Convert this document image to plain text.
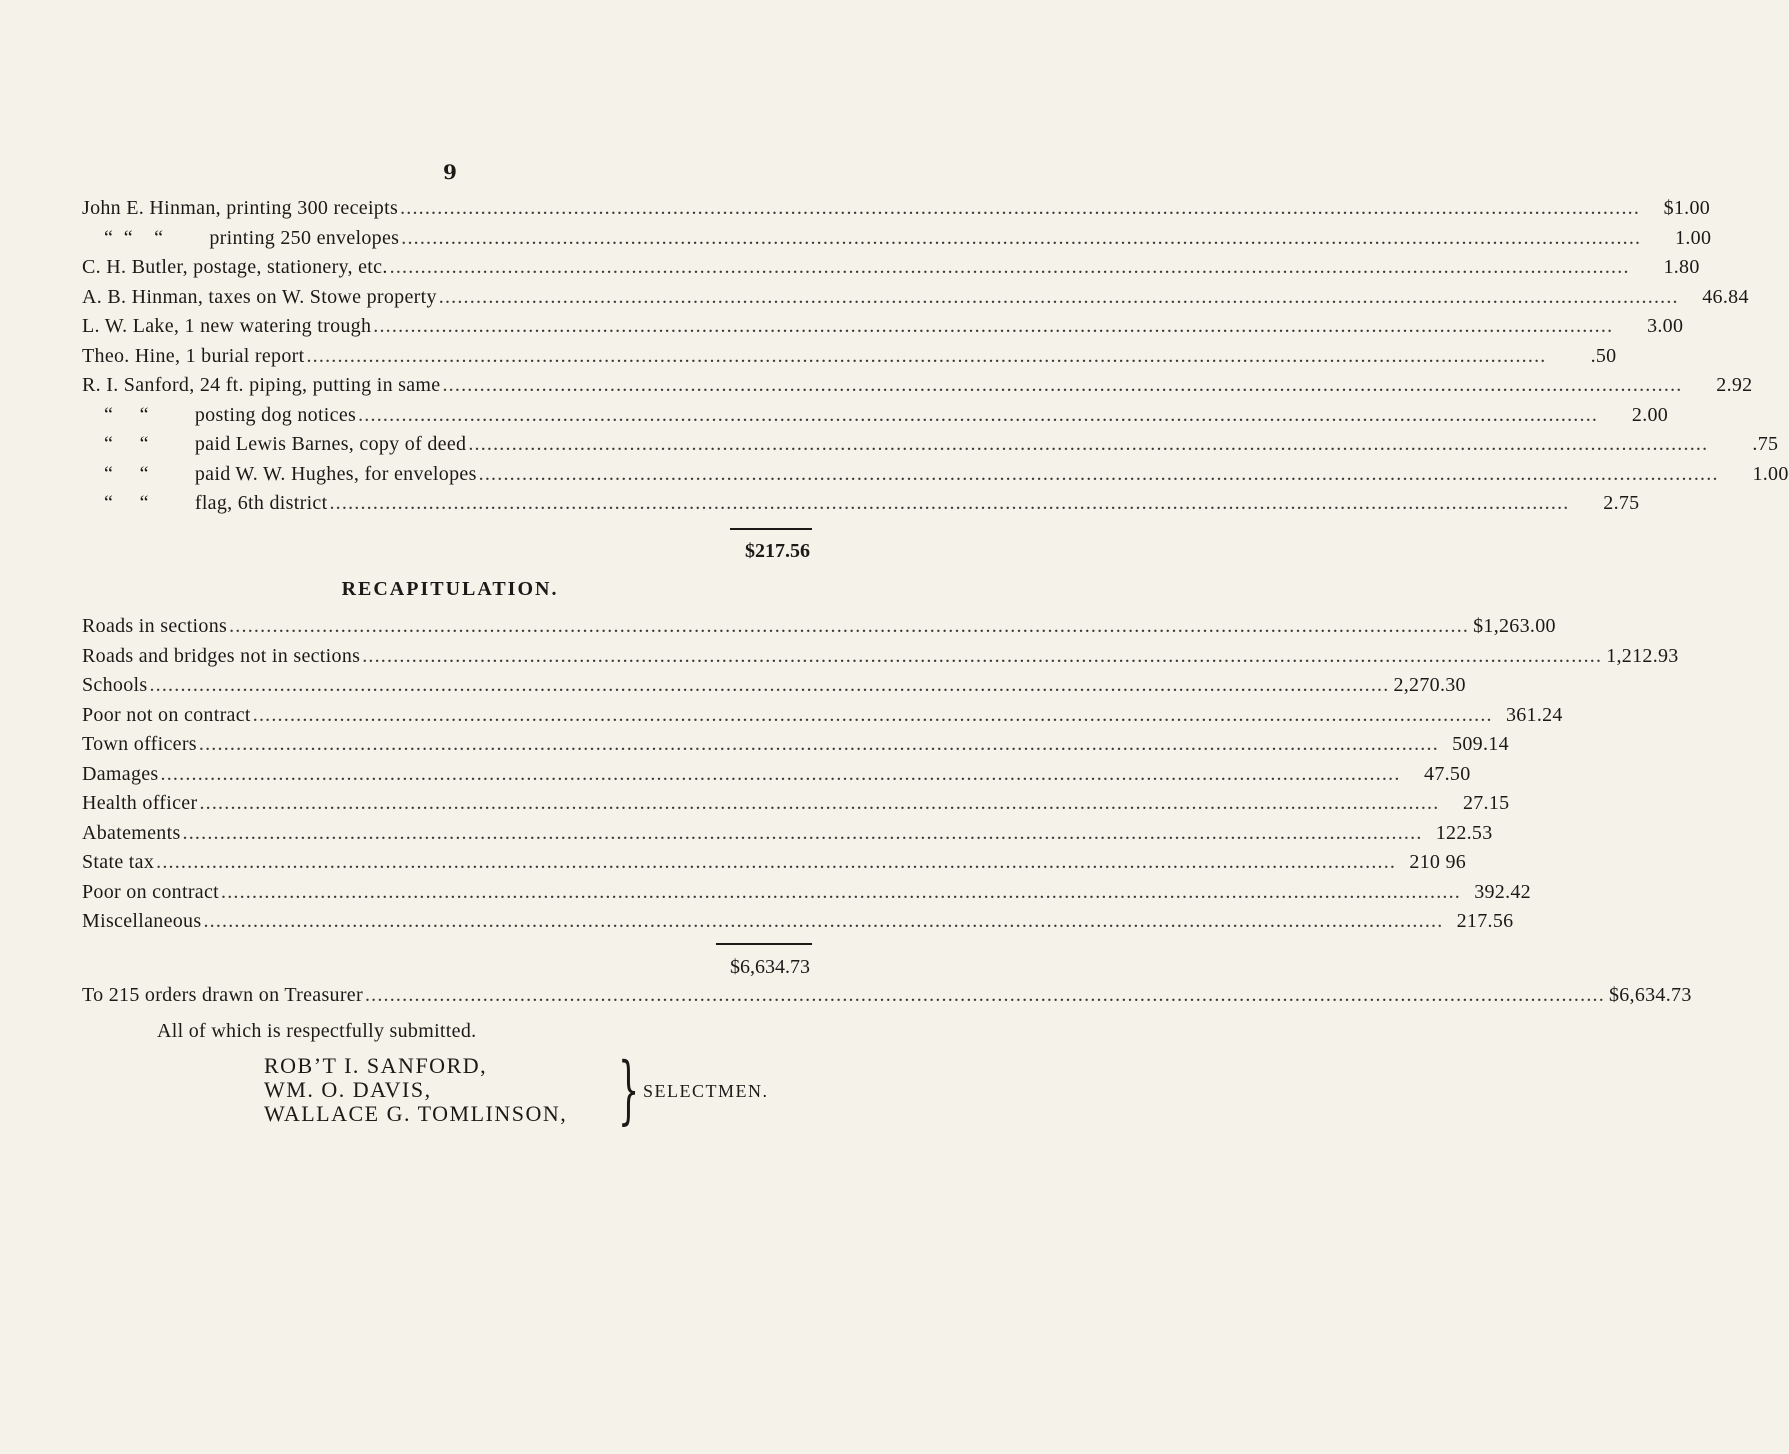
9
John E. Hinman, printing 300 receipts ........................................................................................................................................................................................................	$1.00
“  “    “ printing 250 envelopes ........................................................................................................................................................................................................	1.00
C. H. Butler, postage, stationery, etc. ........................................................................................................................................................................................................	1.80
A. B. Hinman, taxes on W. Stowe property ........................................................................................................................................................................................................	46.84
L. W. Lake, 1 new watering trough ........................................................................................................................................................................................................	3.00
Theo. Hine, 1 burial report ........................................................................................................................................................................................................	.50
R. I. Sanford, 24 ft. piping, putting in same ........................................................................................................................................................................................................	2.92
“     “ posting dog notices ........................................................................................................................................................................................................	2.00
“     “ paid Lewis Barnes, copy of deed ........................................................................................................................................................................................................	.75
“     “ paid W. W. Hughes, for envelopes ........................................................................................................................................................................................................	1.00
“     “ flag, 6th district ........................................................................................................................................................................................................	2.75
$217.56
RECAPITULATION.
Roads in sections ........................................................................................................................................................................................................ $1,263.00
Roads and bridges not in sections ........................................................................................................................................................................................................ 1,212.93
Schools ........................................................................................................................................................................................................ 2,270.30
Poor not on contract ........................................................................................................................................................................................................ 361.24
Town officers ........................................................................................................................................................................................................ 509.14
Damages ........................................................................................................................................................................................................	47.50
Health officer ........................................................................................................................................................................................................	27.15
Abatements ........................................................................................................................................................................................................ 122.53
State tax ........................................................................................................................................................................................................ 210 96
Poor on contract ........................................................................................................................................................................................................ 392.42
Miscellaneous ........................................................................................................................................................................................................ 217.56
$6,634.73
To 215 orders drawn on Treasurer ........................................................................................................................................................................................................ $6,634.73
All of which is respectfully submitted.
ROB’T I. SANFORD,
WM. O. DAVIS,
WALLACE G. TOMLINSON, } SELECTMEN.
